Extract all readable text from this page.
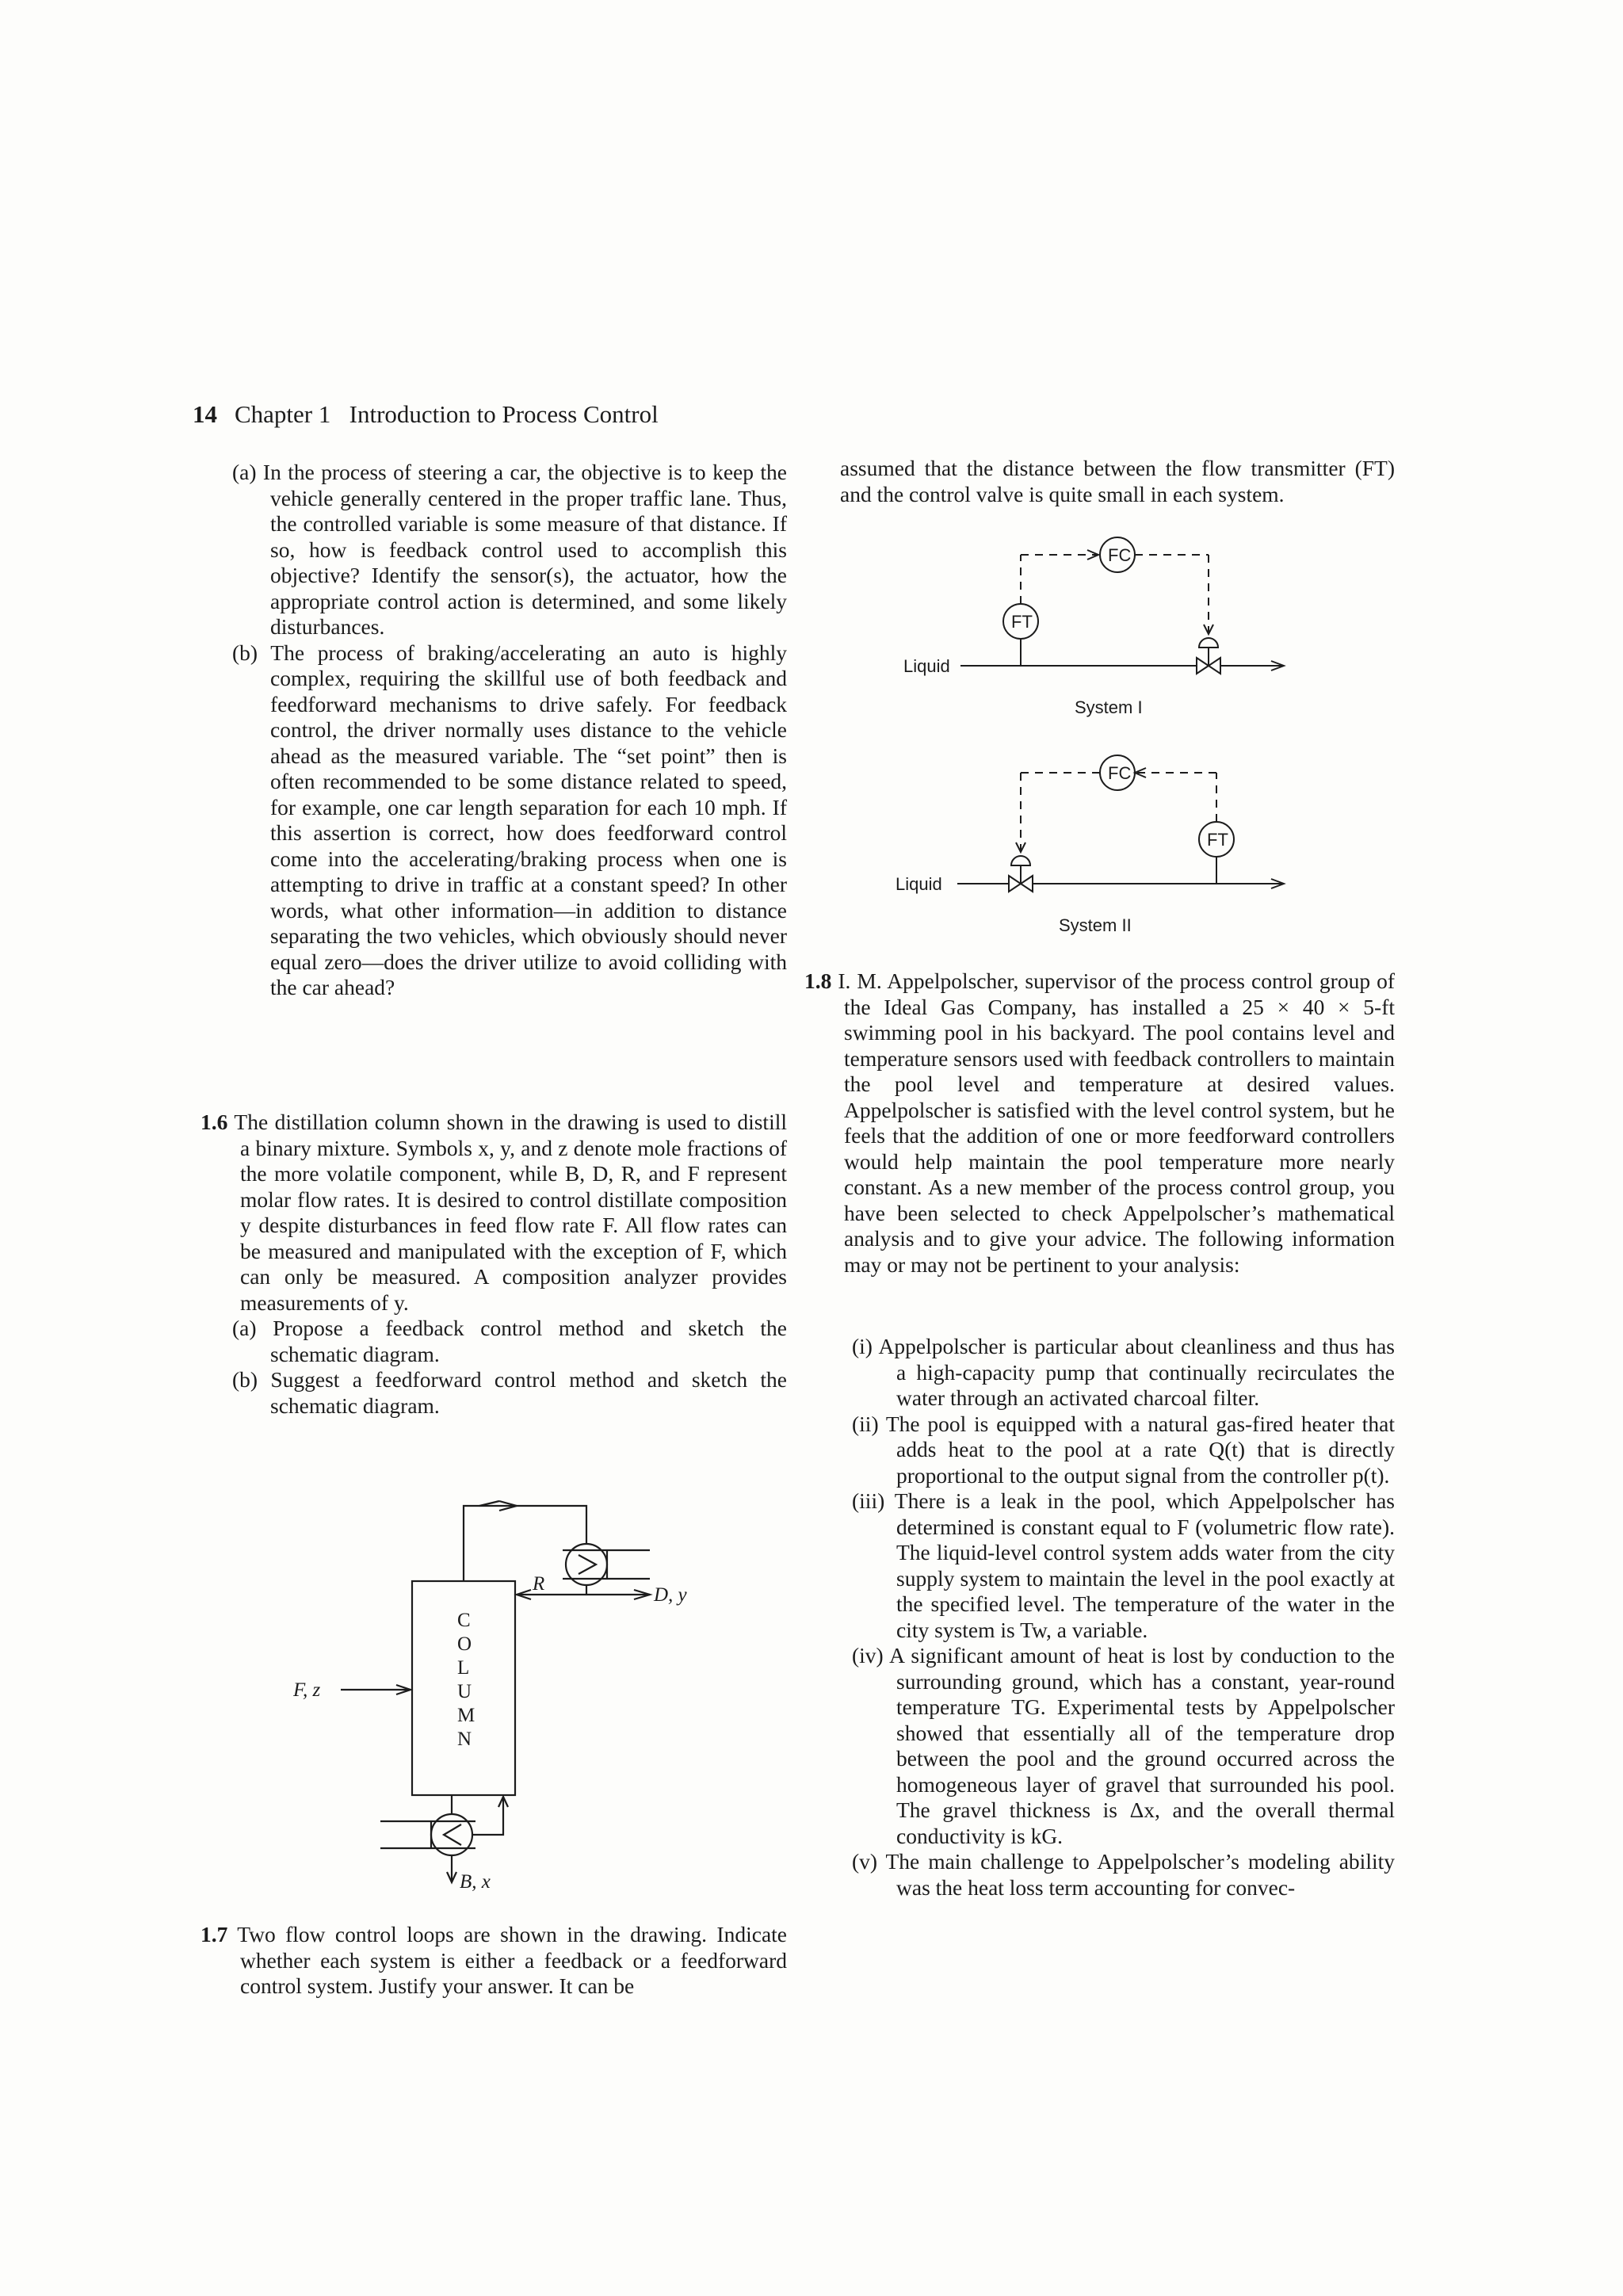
14 Chapter 1 Introduction to Process Control

(a) In the process of steering a car, the objective is to keep the vehicle generally centered in the proper traffic lane. Thus, the controlled variable is some measure of that distance. If so, how is feedback control used to accomplish this objective? Identify the sensor(s), the actuator, how the appropriate control action is determined, and some likely disturbances.

(b) The process of braking/accelerating an auto is highly complex, requiring the skillful use of both feedback and feedforward mechanisms to drive safely. For feedback control, the driver normally uses distance to the vehicle ahead as the measured variable. The “set point” then is often recommended to be some distance related to speed, for example, one car length separation for each 10 mph. If this assertion is correct, how does feedforward control come into the accelerating/braking process when one is attempting to drive in traffic at a constant speed? In other words, what other information—in addition to distance separating the two vehicles, which obviously should never equal zero—does the driver utilize to avoid colliding with the car ahead?

1.6 The distillation column shown in the drawing is used to distill a binary mixture. Symbols x, y, and z denote mole fractions of the more volatile component, while B, D, R, and F represent molar flow rates. It is desired to control distillate composition y despite disturbances in feed flow rate F. All flow rates can be measured and manipulated with the exception of F, which can only be measured. A composition analyzer provides measurements of y.

(a) Propose a feedback control method and sketch the schematic diagram.

(b) Suggest a feedforward control method and sketch the schematic diagram.

C
O
L
U
M
N
F, z
R
D, y
B, x

1.7 Two flow control loops are shown in the drawing. Indicate whether each system is either a feedback or a feedforward control system. Justify your answer. It can be

assumed that the distance between the flow transmitter (FT) and the control valve is quite small in each system.

FC
FT
Liquid
System I
FC
FT
Liquid
System II

1.8 I. M. Appelpolscher, supervisor of the process control group of the Ideal Gas Company, has installed a 25 × 40 × 5-ft swimming pool in his backyard. The pool contains level and temperature sensors used with feedback controllers to maintain the pool level and temperature at desired values. Appelpolscher is satisfied with the level control system, but he feels that the addition of one or more feedforward controllers would help maintain the pool temperature more nearly constant. As a new member of the process control group, you have been selected to check Appelpolscher’s mathematical analysis and to give your advice. The following information may or may not be pertinent to your analysis:

(i) Appelpolscher is particular about cleanliness and thus has a high-capacity pump that continually recirculates the water through an activated charcoal filter.

(ii) The pool is equipped with a natural gas-fired heater that adds heat to the pool at a rate Q(t) that is directly proportional to the output signal from the controller p(t).

(iii) There is a leak in the pool, which Appelpolscher has determined is constant equal to F (volumetric flow rate). The liquid-level control system adds water from the city supply system to maintain the level in the pool exactly at the specified level. The temperature of the water in the city system is Tw, a variable.

(iv) A significant amount of heat is lost by conduction to the surrounding ground, which has a constant, year-round temperature TG. Experimental tests by Appelpolscher showed that essentially all of the temperature drop between the pool and the ground occurred across the homogeneous layer of gravel that surrounded his pool. The gravel thickness is Δx, and the overall thermal conductivity is kG.

(v) The main challenge to Appelpolscher’s modeling ability was the heat loss term accounting for convec-
